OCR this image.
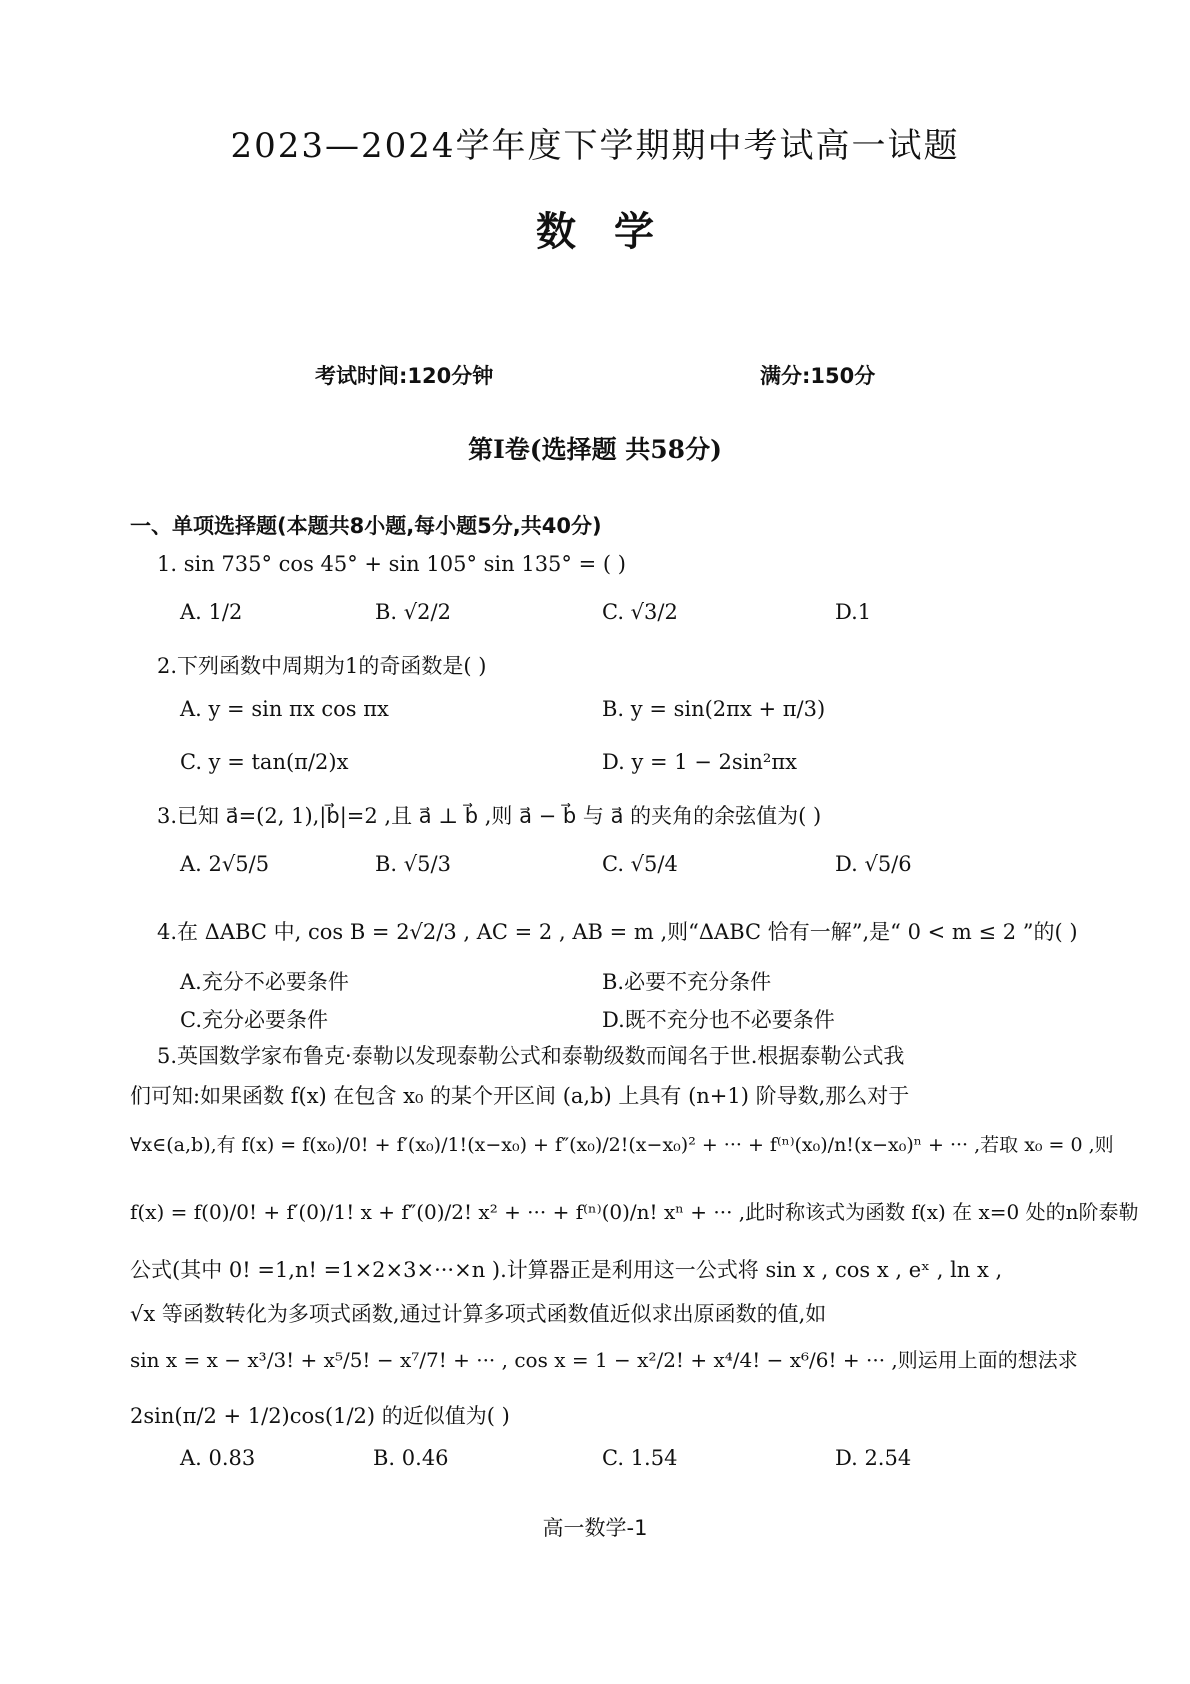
2023—2024学年度下学期期中考试高一试题
数学
考试时间:120分钟	满分:150分
第Ⅰ卷(选择题 共58分)
一、单项选择题(本题共8小题,每小题5分,共40分)
1. sin 735° cos 45° + sin 105° sin 135° = ( )
A. 1/2	B. √2/2	C. √3/2	D.1
2.下列函数中周期为1的奇函数是( )
A. y = sin πx cos πx	B. y = sin(2πx + π/3)
C. y = tan(π/2)x	D. y = 1 − 2sin²πx
3.已知 a⃗=(2, 1),|b⃗|=2 ,且 a⃗ ⊥ b⃗ ,则 a⃗ − b⃗ 与 a⃗ 的夹角的余弦值为( )
A. 2√5/5	B. √5/3	C. √5/4	D. √5/6
4.在 ΔABC 中, cos B = 2√2/3 , AC = 2 , AB = m ,则“ΔABC 恰有一解”,是“ 0 < m ≤ 2 ”的( )
A.充分不必要条件	B.必要不充分条件
C.充分必要条件	D.既不充分也不必要条件
5.英国数学家布鲁克·泰勒以发现泰勒公式和泰勒级数而闻名于世.根据泰勒公式我
们可知:如果函数 f(x) 在包含 x₀ 的某个开区间 (a,b) 上具有 (n+1) 阶导数,那么对于
∀x∈(a,b),有 f(x) = f(x₀)/0! + f′(x₀)/1!(x−x₀) + f″(x₀)/2!(x−x₀)² + ··· + f⁽ⁿ⁾(x₀)/n!(x−x₀)ⁿ + ··· ,若取 x₀ = 0 ,则
f(x) = f(0)/0! + f′(0)/1! x + f″(0)/2! x² + ··· + f⁽ⁿ⁾(0)/n! xⁿ + ··· ,此时称该式为函数 f(x) 在 x=0 处的n阶泰勒
公式(其中 0! =1,n! =1×2×3×···×n ).计算器正是利用这一公式将 sin x , cos x , eˣ , ln x ,
√x 等函数转化为多项式函数,通过计算多项式函数值近似求出原函数的值,如
sin x = x − x³/3! + x⁵/5! − x⁷/7! + ··· , cos x = 1 − x²/2! + x⁴/4! − x⁶/6! + ··· ,则运用上面的想法求
2sin(π/2 + 1/2)cos(1/2) 的近似值为( )
A. 0.83	B. 0.46	C. 1.54	D. 2.54
高一数学-1
